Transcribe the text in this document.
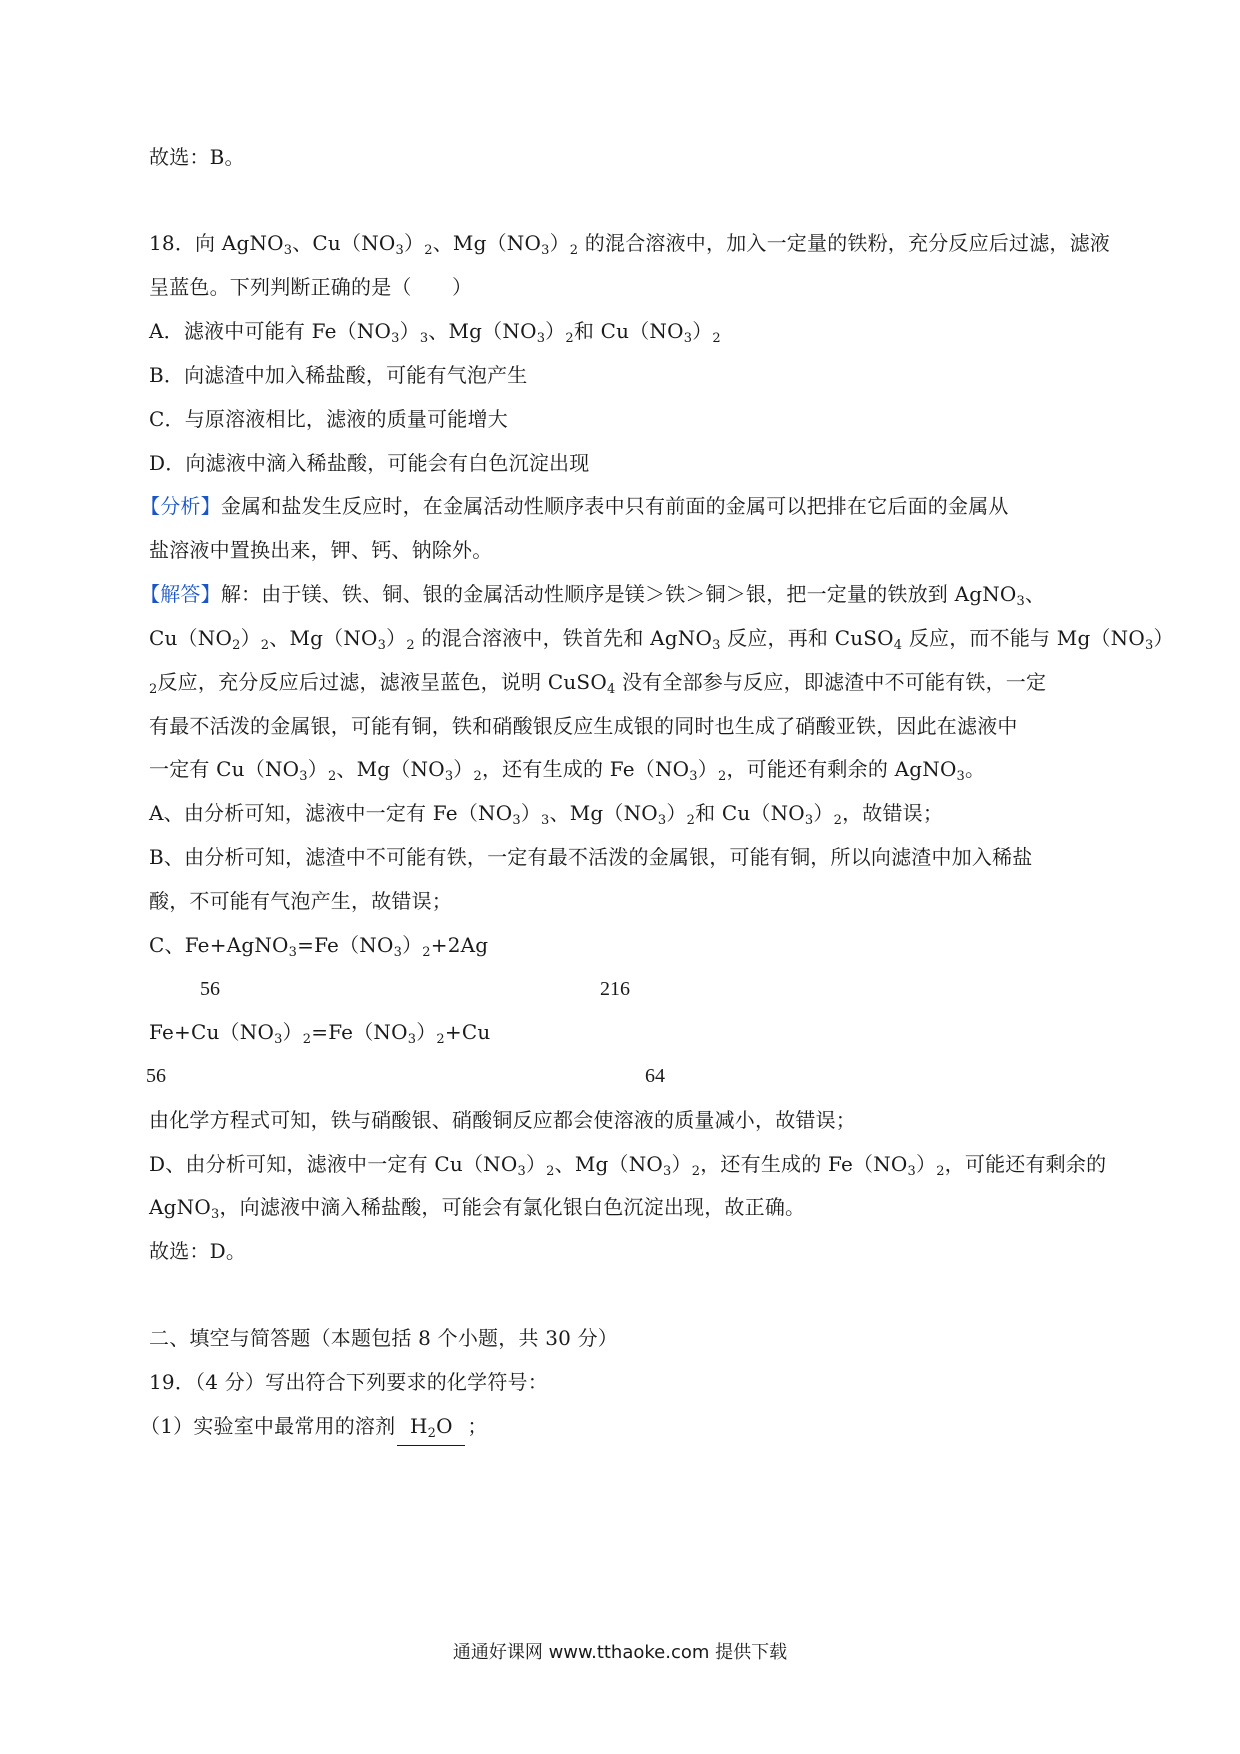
故选：B。
18．向 AgNO$_3$、$Cu(NO_3)_2$、$Mg(NO_3)_2$ 的混合溶液中，加入一定量的铁粉，充分反应后过滤，滤液
呈蓝色。下列判断正确的是（　　）
A．滤液中可能有 $Fe(NO_3)_3$、$Mg(NO_3)_2$和 $Cu(NO_3)_2$
B．向滤渣中加入稀盐酸，可能有气泡产生
C．与原溶液相比，滤液的质量可能增大
D．向滤液中滴入稀盐酸，可能会有白色沉淀出现
【分析】金属和盐发生反应时，在金属活动性顺序表中只有前面的金属可以把排在它后面的金属从
盐溶液中置换出来，钾、钙、钠除外。
【解答】解：由于镁、铁、铜、银的金属活动性顺序是镁＞铁＞铜＞银，把一定量的铁放到 AgNO$_3$、
$Cu(NO_2)_2$、$Mg(NO_3)_2$ 的混合溶液中，铁首先和 AgNO$_3$ 反应，再和 CuSO$_4$ 反应，而不能与 $Mg(NO_3)$
$_2$反应，充分反应后过滤，滤液呈蓝色，说明 CuSO$_4$ 没有全部参与反应，即滤渣中不可能有铁，一定
有最不活泼的金属银，可能有铜，铁和硝酸银反应生成银的同时也生成了硝酸亚铁，因此在滤液中
一定有 $Cu(NO_3)_2$、$Mg(NO_3)_2$，还有生成的 $Fe(NO_3)_2$，可能还有剩余的 AgNO$_3$。
A、由分析可知，滤液中一定有 $Fe(NO_3)_3$、$Mg(NO_3)_2$和 $Cu(NO_3)_2$，故错误；
B、由分析可知，滤渣中不可能有铁，一定有最不活泼的金属银，可能有铜，所以向滤渣中加入稀盐
酸，不可能有气泡产生，故错误；
C、$Fe+AgNO_3=Fe(NO_3)_2+2Ag$
56	216
$Fe+Cu(NO_3)_2=Fe(NO_3)_2+Cu$
56	64
由化学方程式可知，铁与硝酸银、硝酸铜反应都会使溶液的质量减小，故错误；
D、由分析可知，滤液中一定有 $Cu(NO_3)_2$、$Mg(NO_3)_2$，还有生成的 $Fe(NO_3)_2$，可能还有剩余的
AgNO$_3$，向滤液中滴入稀盐酸，可能会有氯化银白色沉淀出现，故正确。
故选：D。
二、填空与简答题（本题包括 8 个小题，共 30 分）
19．（4 分）写出符合下列要求的化学符号：
（1）实验室中最常用的溶剂 $H_2O$ ；
通通好课网 www.tthaoke.com 提供下载
